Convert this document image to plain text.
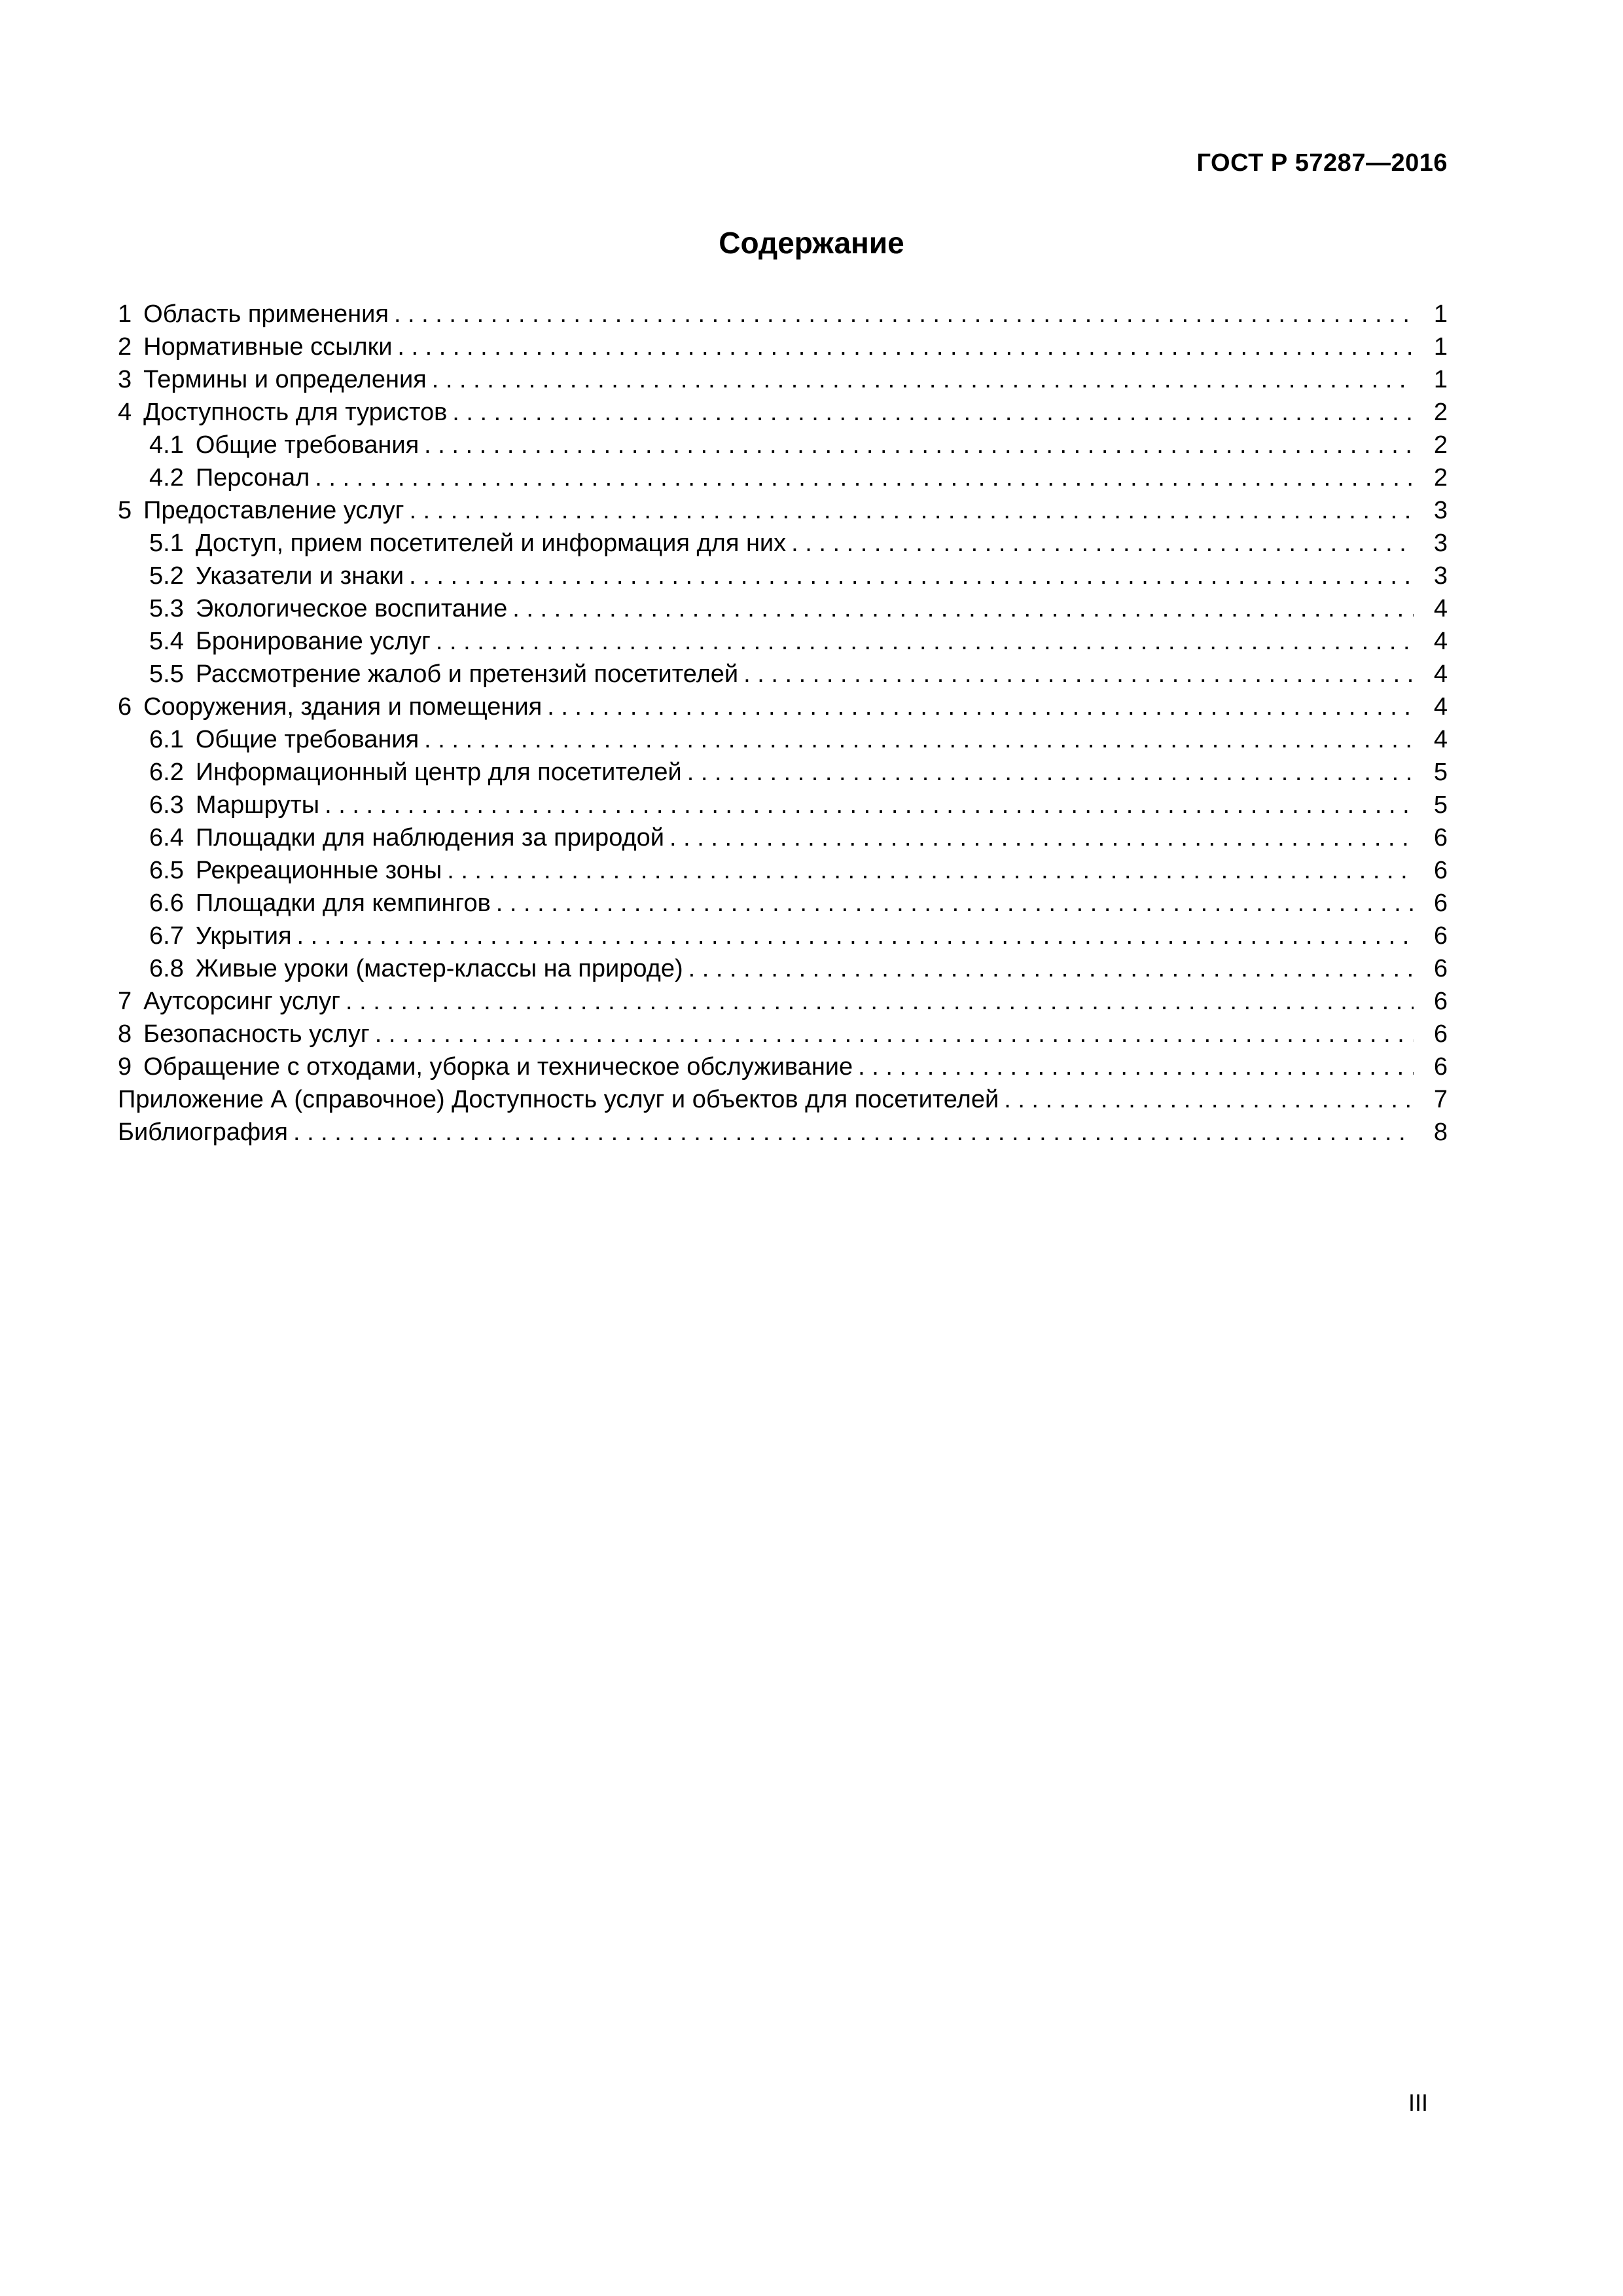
ГОСТ Р 57287—2016
Содержание
1 Область применения . . .	1
2 Нормативные ссылки . . .	1
3 Термины и определения . . .	1
4 Доступность для туристов . . .	2
4.1 Общие требования . . .	2
4.2 Персонал . . .	2
5 Предоставление услуг . . .	3
5.1 Доступ, прием посетителей и информация для них . . .	3
5.2 Указатели и знаки . . .	3
5.3 Экологическое воспитание . . .	4
5.4 Бронирование услуг . . .	4
5.5 Рассмотрение жалоб и претензий посетителей . . .	4
6 Сооружения, здания и помещения . . .	4
6.1 Общие требования . . .	4
6.2 Информационный центр для посетителей . . .	5
6.3 Маршруты . . .	5
6.4 Площадки для наблюдения за природой . . .	6
6.5 Рекреационные зоны . . .	6
6.6 Площадки для кемпингов . . .	6
6.7 Укрытия . . .	6
6.8 Живые уроки (мастер-классы на природе) . . .	6
7 Аутсорсинг услуг . . .	6
8 Безопасность услуг . . .	6
9 Обращение с отходами, уборка и техническое обслуживание . . .	6
Приложение А (справочное) Доступность услуг и объектов для посетителей . . .	7
Библиография . . .	8
III
